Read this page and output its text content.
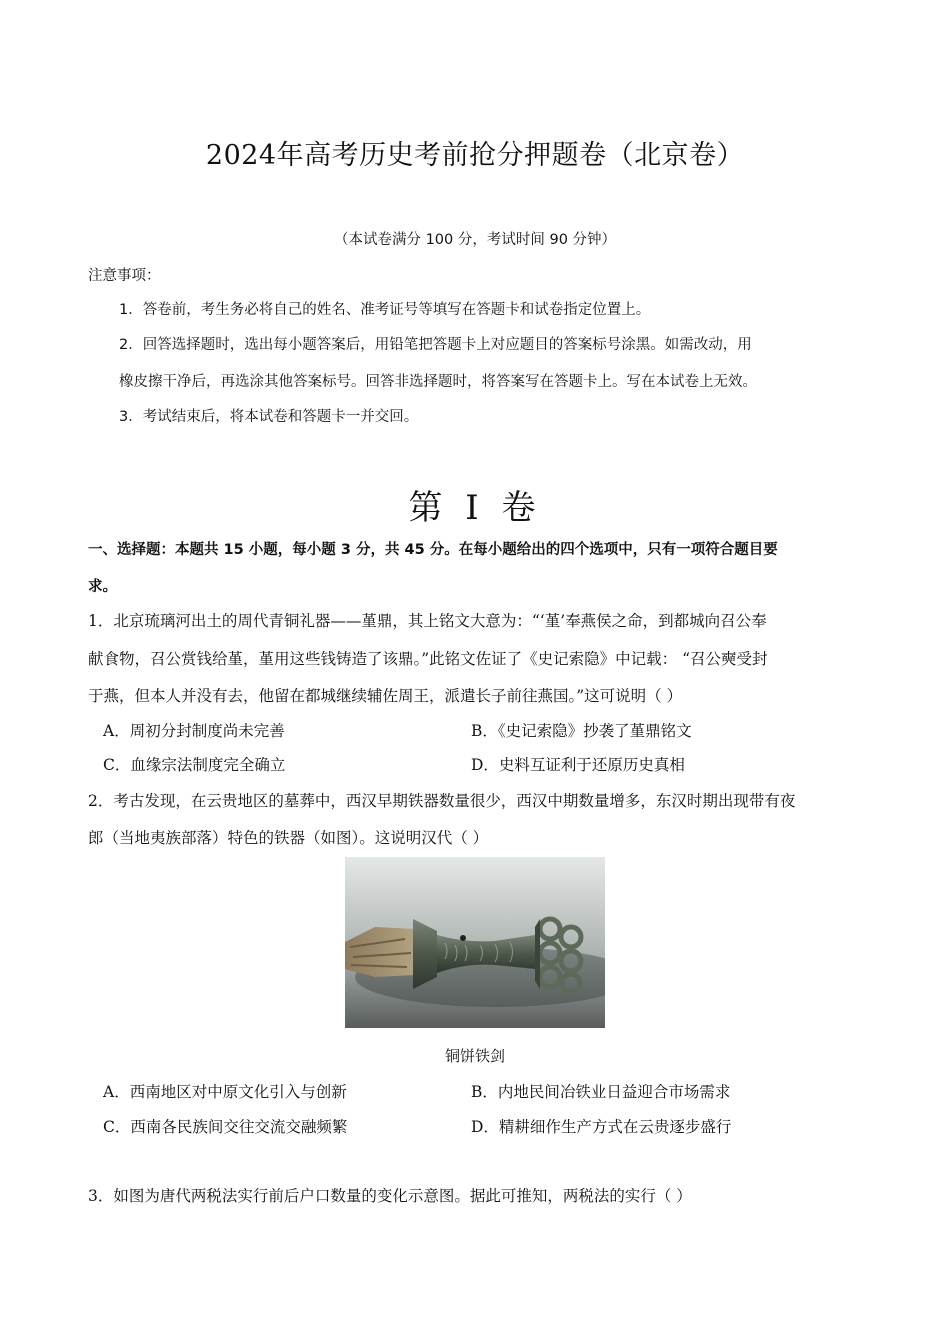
2024年高考历史考前抢分押题卷（北京卷）
（本试卷满分 100 分，考试时间 90 分钟）
注意事项：
1．答卷前，考生务必将自己的姓名、准考证号等填写在答题卡和试卷指定位置上。
2．回答选择题时，选出每小题答案后，用铅笔把答题卡上对应题目的答案标号涂黑。如需改动，用
橡皮擦干净后，再选涂其他答案标号。回答非选择题时，将答案写在答题卡上。写在本试卷上无效。
3．考试结束后，将本试卷和答题卡一并交回。
第 I 卷
一、选择题：本题共 15 小题，每小题 3 分，共 45 分。在每小题给出的四个选项中，只有一项符合题目要
求。
1．北京琉璃河出土的周代青铜礼器——堇鼎，其上铭文大意为：“‘堇’奉燕侯之命，到都城向召公奉
献食物，召公赏钱给堇，堇用这些钱铸造了该鼎。”此铭文佐证了《史记索隐》中记载： “召公奭受封
于燕，但本人并没有去，他留在都城继续辅佐周王，派遣长子前往燕国。”这可说明（ ）
A．周初分封制度尚未完善	B．《史记索隐》抄袭了堇鼎铭文
C．血缘宗法制度完全确立	D．史料互证利于还原历史真相
2．考古发现，在云贵地区的墓葬中，西汉早期铁器数量很少，西汉中期数量增多，东汉时期出现带有夜
郎（当地夷族部落）特色的铁器（如图）。这说明汉代（ ）
铜饼铁剑
A．西南地区对中原文化引入与创新	B．内地民间冶铁业日益迎合市场需求
C．西南各民族间交往交流交融频繁	D．精耕细作生产方式在云贵逐步盛行
3．如图为唐代两税法实行前后户口数量的变化示意图。据此可推知，两税法的实行（ ）
